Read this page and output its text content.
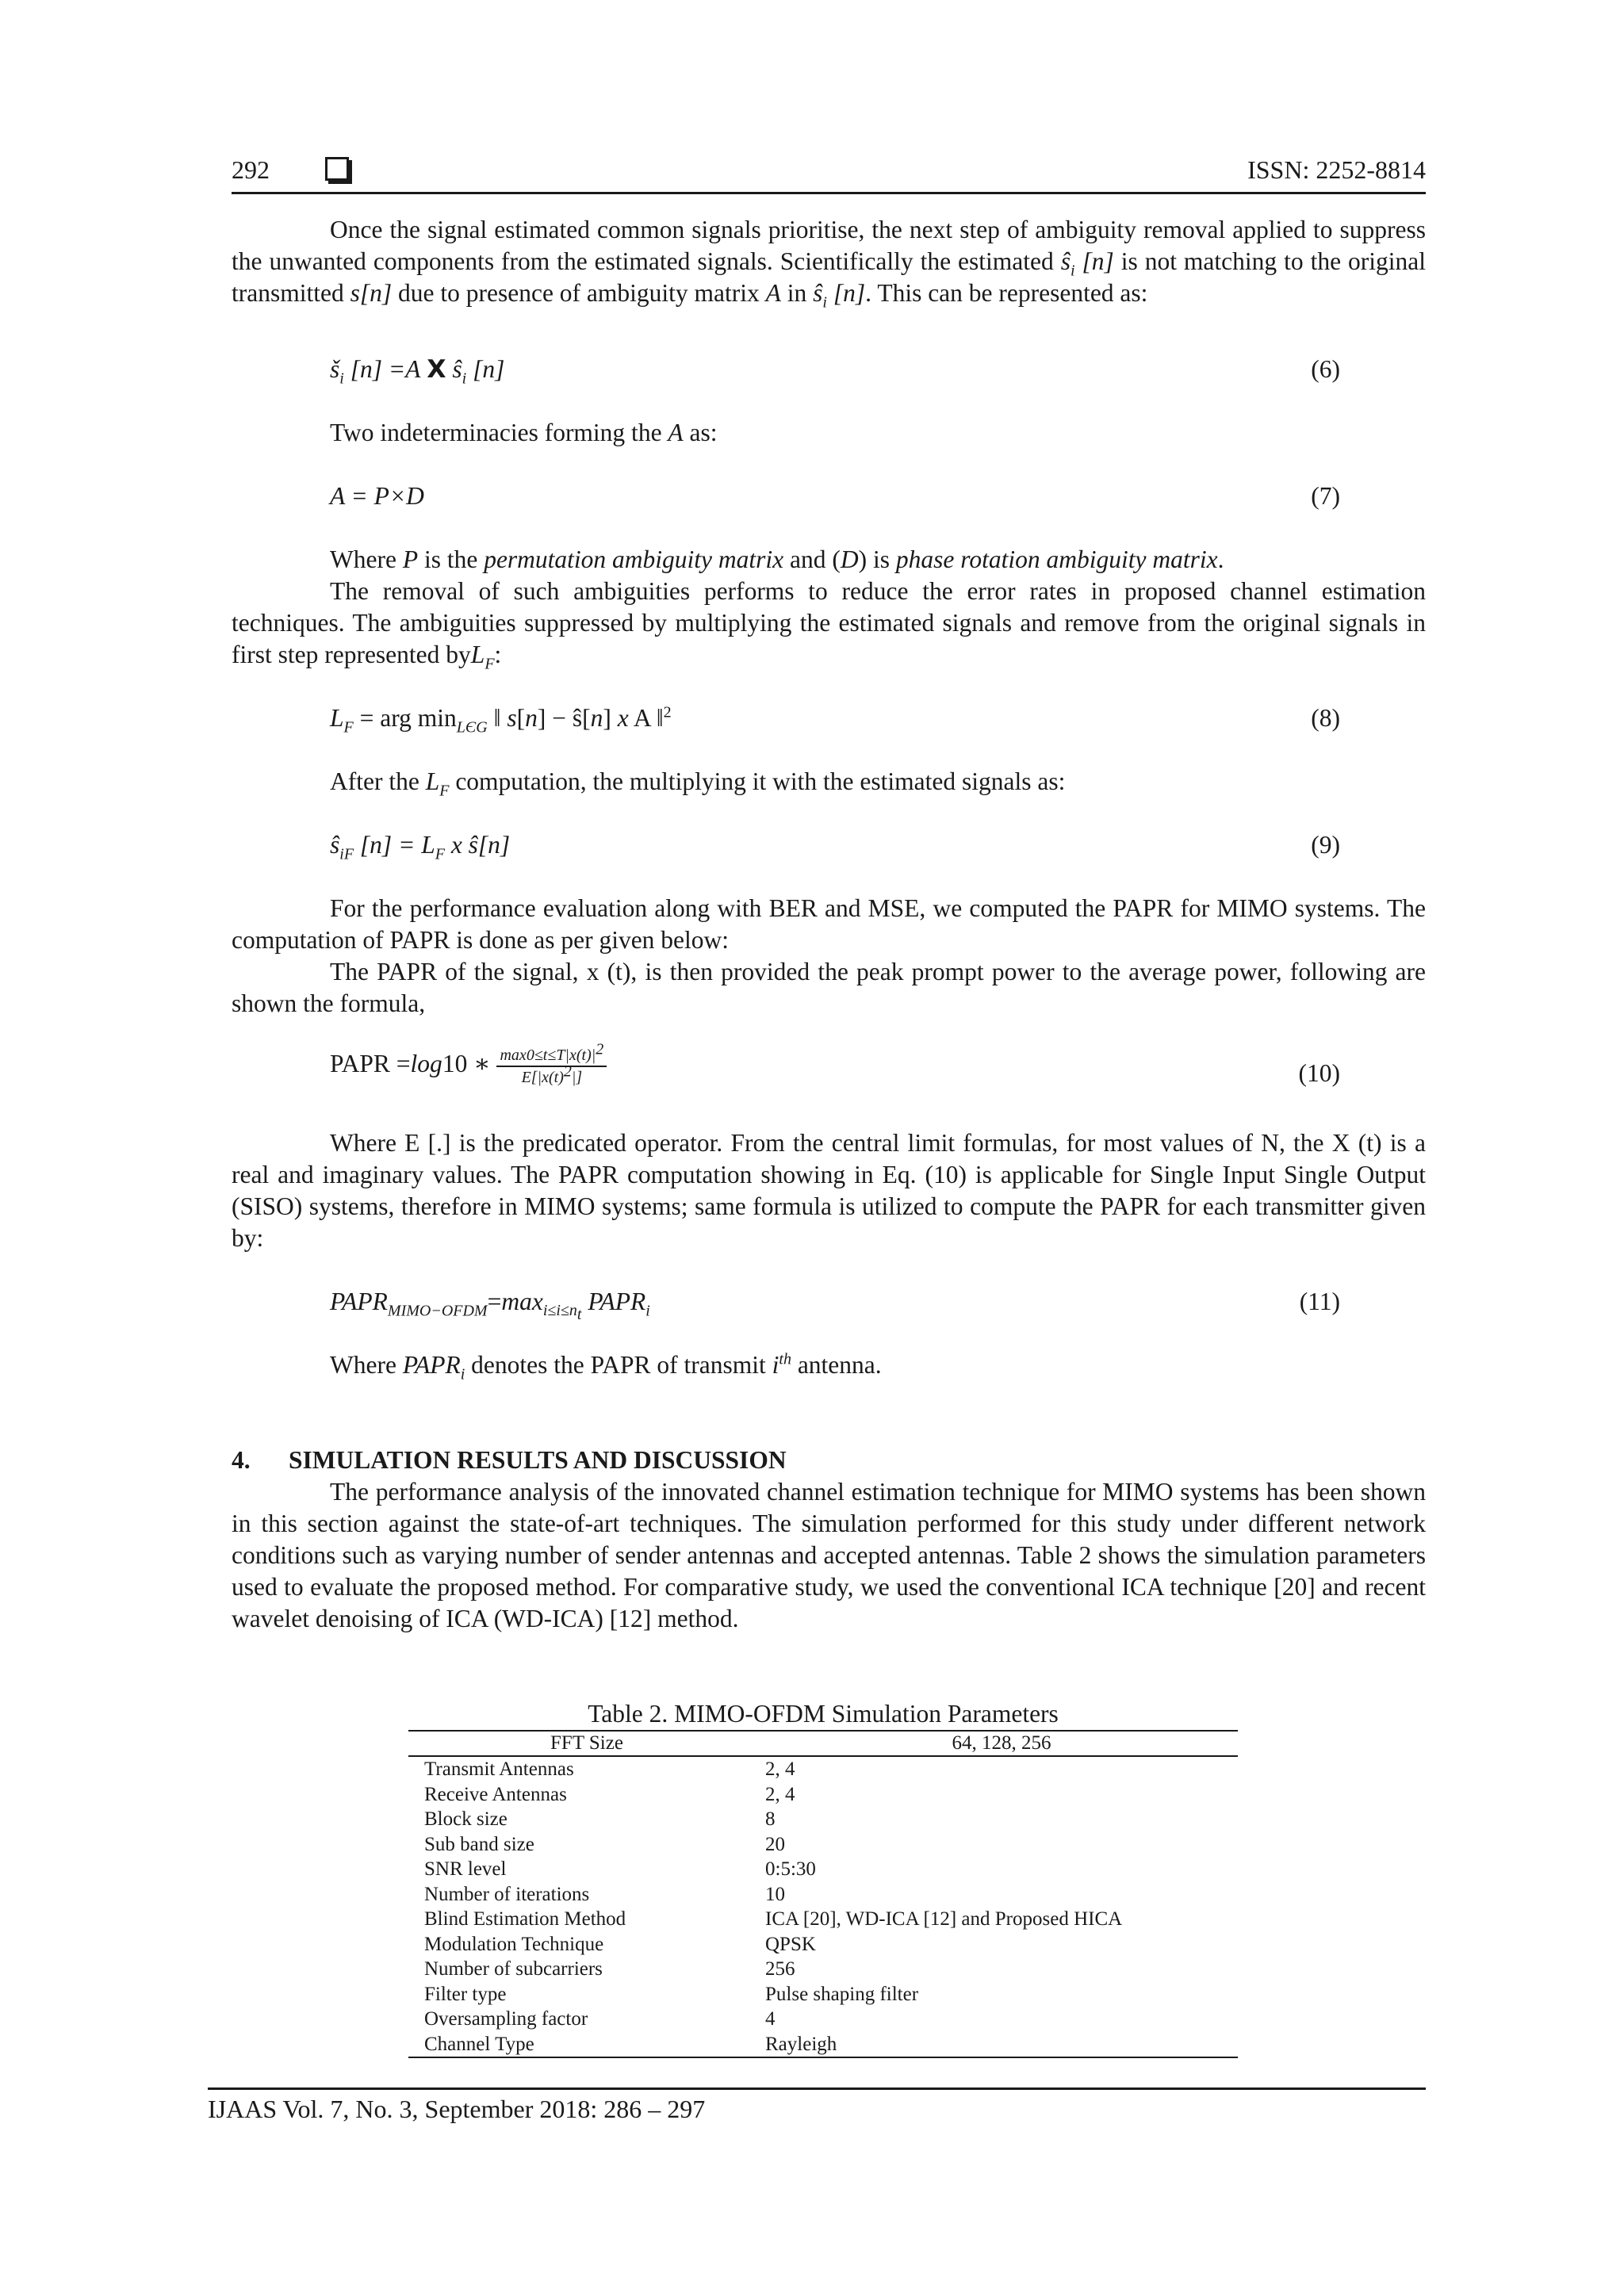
292	ISSN: 2252-8814

Once the signal estimated common signals prioritise, the next step of ambiguity removal applied to suppress the unwanted components from the estimated signals. Scientifically the estimated $ŝ_i$ [n] is not matching to the original transmitted s[n] due to presence of ambiguity matrix A in $ŝ_i$ [n]. This can be represented as:

$š_i$ [n] =A X $ŝ_i$ [n]	(6)
Two indeterminacies forming the A as:
A = P×D	(7)

Where P is the permutation ambiguity matrix and (D) is phase rotation ambiguity matrix.

The removal of such ambiguities performs to reduce the error rates in proposed channel estimation techniques. The ambiguities suppressed by multiplying the estimated signals and remove from the original signals in first step represented byL$_F$:

$L_F$ = arg $\min_{LЄG}$ ‖ s[n] − ŝ[n] x A ‖$^2$	(8)
After the $L_F$ computation, the multiplying it with the estimated signals as:
$ŝ_{iF}$ $[n] = L_F$ x ŝ[n]	(9)

For the performance evaluation along with BER and MSE, we computed the PAPR for MIMO systems. The computation of PAPR is done as per given below:

The PAPR of the signal, x (t), is then provided the peak prompt power to the average power, following are shown the formula,

PAPR =log10 ∗ $\frac{\max 0\le t\le T|x(t)|^2}{E[|x(t)^2|]}$	(10)

Where E [.] is the predicated operator. From the central limit formulas, for most values of N, the X (t) is a real and imaginary values. The PAPR computation showing in Eq. (10) is applicable for Single Input Single Output (SISO) systems, therefore in MIMO systems; same formula is utilized to compute the PAPR for each transmitter given by:

$PAPR_{MIMO-OFDM}=\max_{i\le i\le n_t}$ $PAPR_i$	(11)
Where $PAPR_i$ denotes the PAPR of transmit $i^{th}$ antenna.
4. SIMULATION RESULTS AND DISCUSSION

The performance analysis of the innovated channel estimation technique for MIMO systems has been shown in this section against the state-of-art techniques. The simulation performed for this study under different network conditions such as varying number of sender antennas and accepted antennas. Table 2 shows the simulation parameters used to evaluate the proposed method. For comparative study, we used the conventional ICA technique [20] and recent wavelet denoising of ICA (WD-ICA) [12] method.

Table 2. MIMO-OFDM Simulation Parameters
FFT Size	64, 128, 256
Transmit Antennas	2, 4
Receive Antennas	2, 4
Block size	8
Sub band size	20
SNR level	0:5:30
Number of iterations	10
Blind Estimation Method	ICA [20], WD-ICA [12] and Proposed HICA
Modulation Technique	QPSK
Number of subcarriers	256
Filter type	Pulse shaping filter
Oversampling factor	4
Channel Type	Rayleigh
IJAAS Vol. 7, No. 3, September 2018: 286 – 297
